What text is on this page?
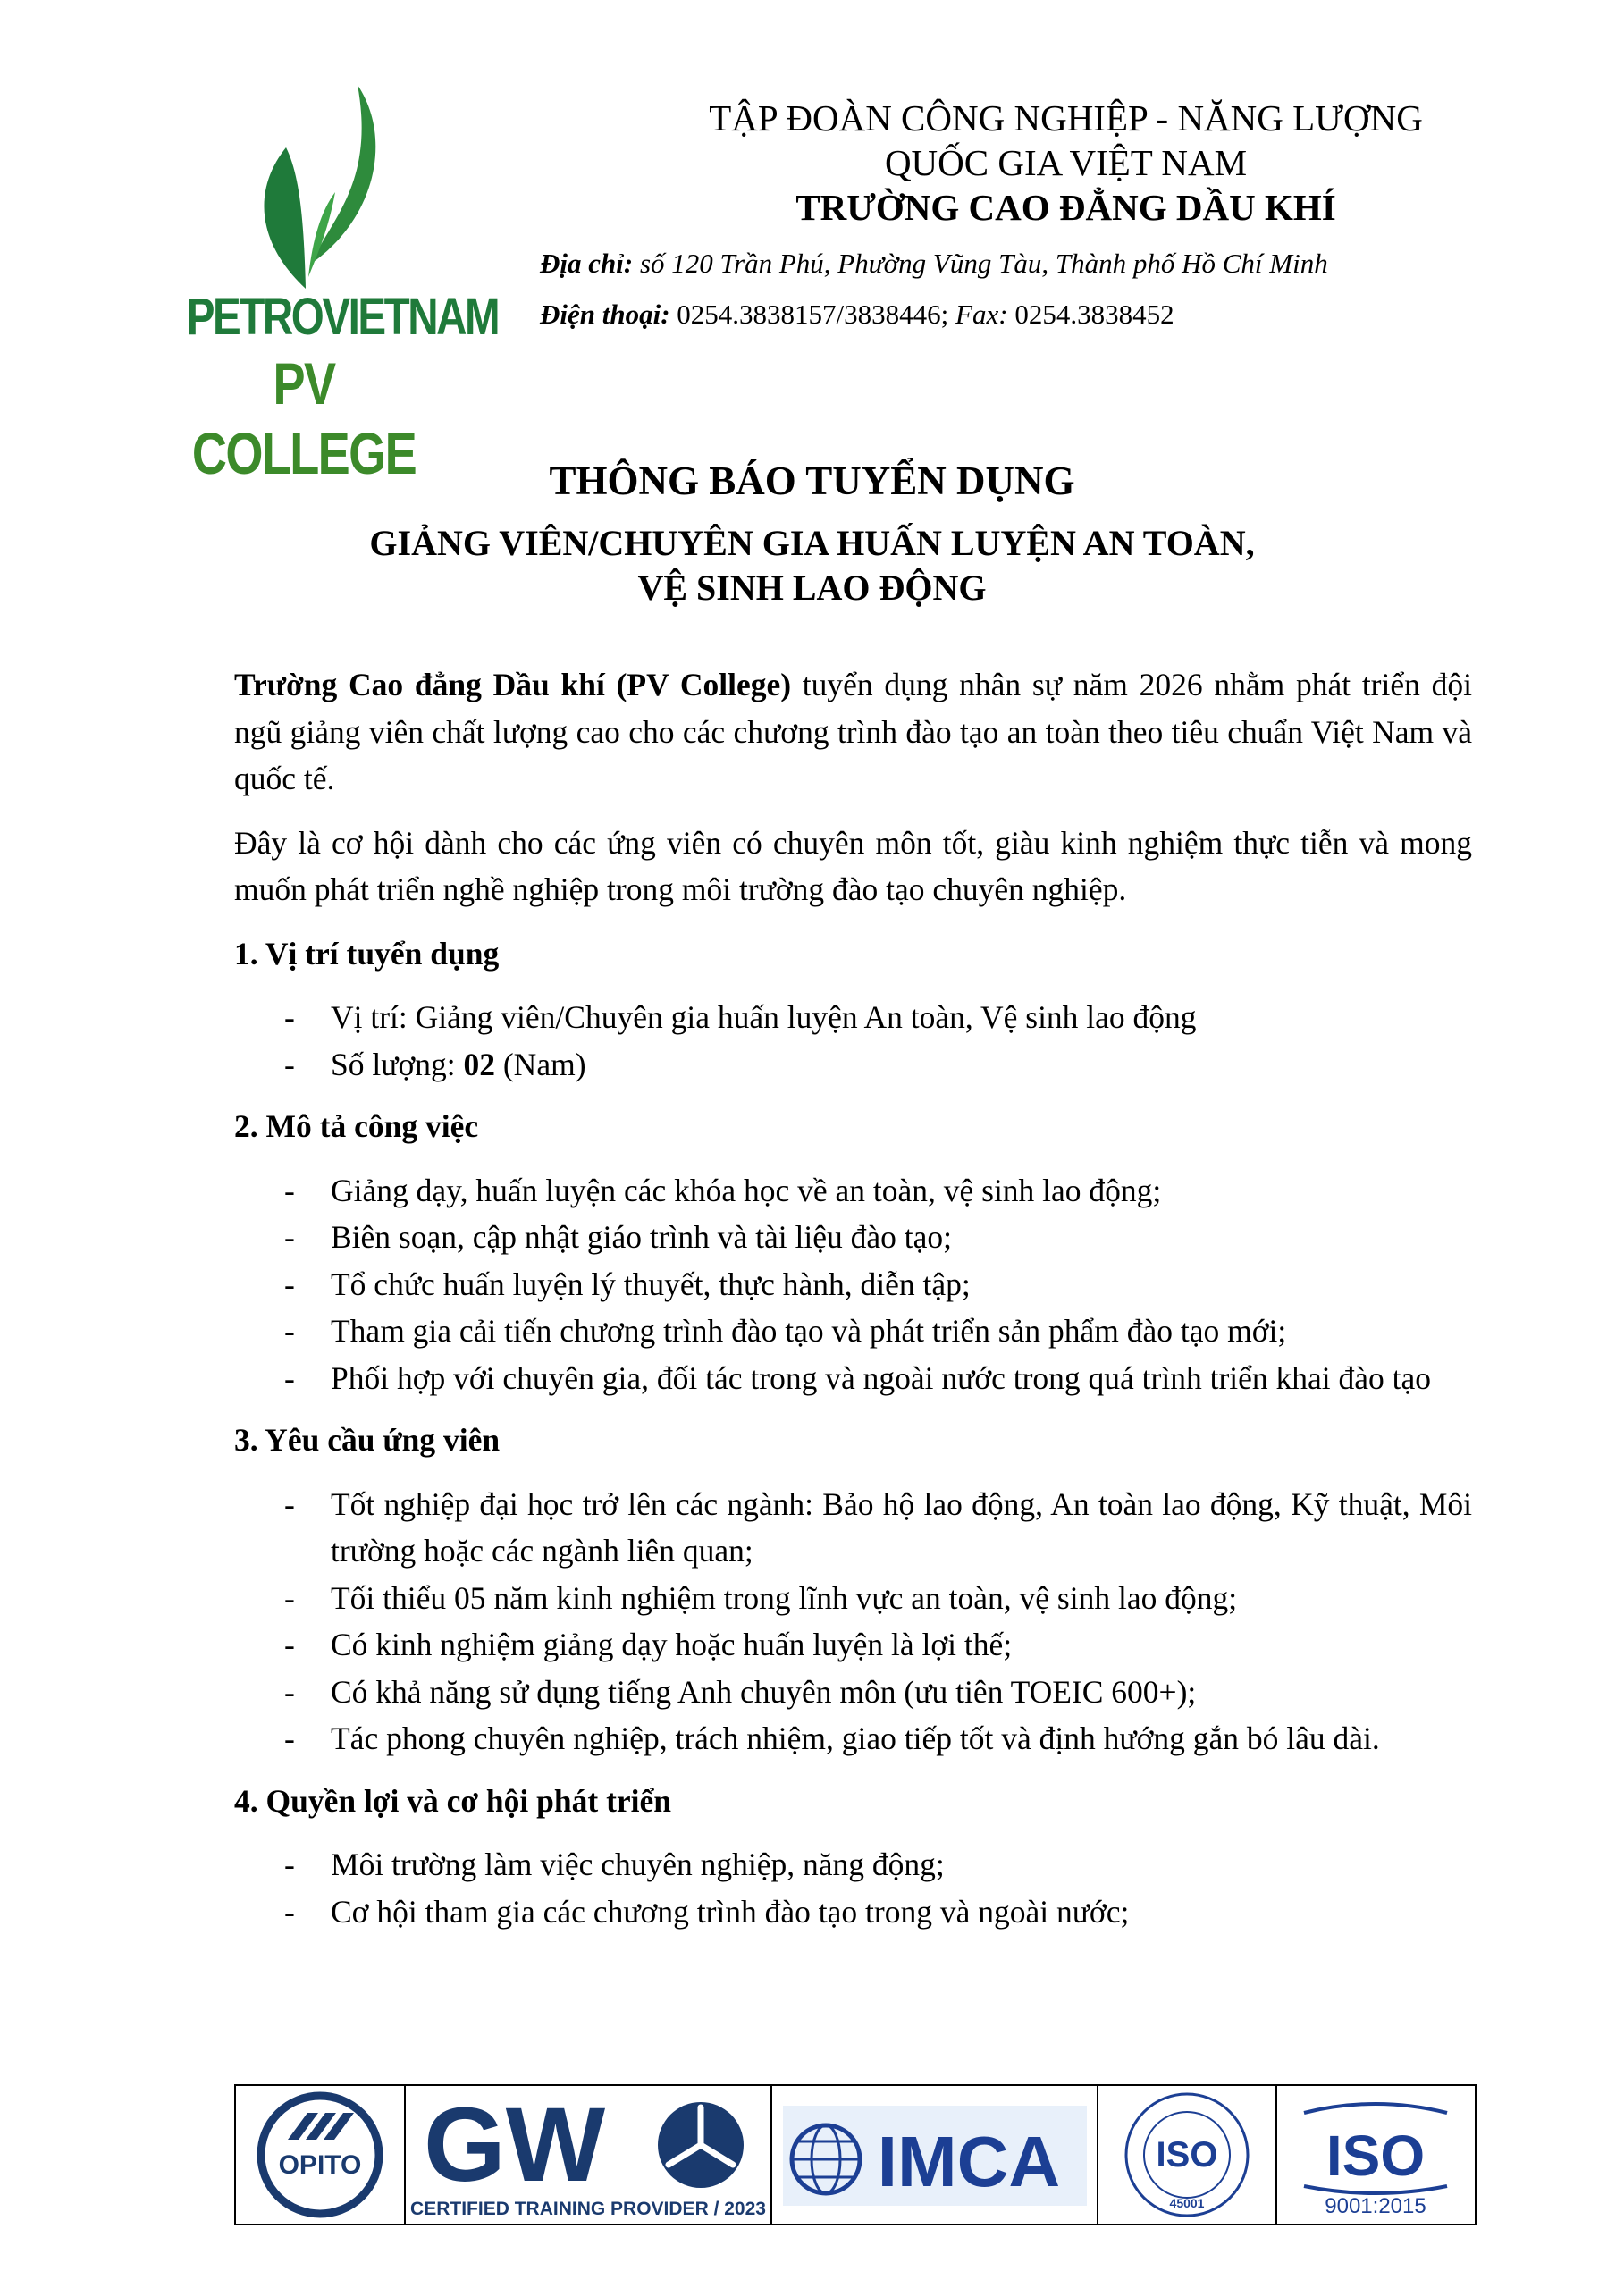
PETROVIETNAM
PV COLLEGE
TẬP ĐOÀN CÔNG NGHIỆP - NĂNG LƯỢNG
QUỐC GIA VIỆT NAM
TRƯỜNG CAO ĐẲNG DẦU KHÍ
Địa chỉ: số 120 Trần Phú, Phường Vũng Tàu, Thành phố Hồ Chí Minh
Điện thoại: 0254.3838157/3838446; Fax: 0254.3838452
THÔNG BÁO TUYỂN DỤNG
GIẢNG VIÊN/CHUYÊN GIA HUẤN LUYỆN AN TOÀN,
VỆ SINH LAO ĐỘNG

Trường Cao đẳng Dầu khí (PV College) tuyển dụng nhân sự năm 2026 nhằm phát triển đội ngũ giảng viên chất lượng cao cho các chương trình đào tạo an toàn theo tiêu chuẩn Việt Nam và quốc tế.

Đây là cơ hội dành cho các ứng viên có chuyên môn tốt, giàu kinh nghiệm thực tiễn và mong muốn phát triển nghề nghiệp trong môi trường đào tạo chuyên nghiệp.

1. Vị trí tuyển dụng
- Vị trí: Giảng viên/Chuyên gia huấn luyện An toàn, Vệ sinh lao động
- Số lượng: 02 (Nam)
2. Mô tả công việc
- Giảng dạy, huấn luyện các khóa học về an toàn, vệ sinh lao động;
- Biên soạn, cập nhật giáo trình và tài liệu đào tạo;
- Tổ chức huấn luyện lý thuyết, thực hành, diễn tập;
- Tham gia cải tiến chương trình đào tạo và phát triển sản phẩm đào tạo mới;
- Phối hợp với chuyên gia, đối tác trong và ngoài nước trong quá trình triển khai đào tạo
3. Yêu cầu ứng viên
- Tốt nghiệp đại học trở lên các ngành: Bảo hộ lao động, An toàn lao động, Kỹ thuật, Môi trường hoặc các ngành liên quan;
- Tối thiểu 05 năm kinh nghiệm trong lĩnh vực an toàn, vệ sinh lao động;
- Có kinh nghiệm giảng dạy hoặc huấn luyện là lợi thế;
- Có khả năng sử dụng tiếng Anh chuyên môn (ưu tiên TOEIC 600+);
- Tác phong chuyên nghiệp, trách nhiệm, giao tiếp tốt và định hướng gắn bó lâu dài.
4. Quyền lợi và cơ hội phát triển
- Môi trường làm việc chuyên nghiệp, năng động;
- Cơ hội tham gia các chương trình đào tạo trong và ngoài nước;
OPITO GW
CERTIFIED TRAINING PROVIDER / 2023
IMCA	ISO
45001
ISO
9001:2015
